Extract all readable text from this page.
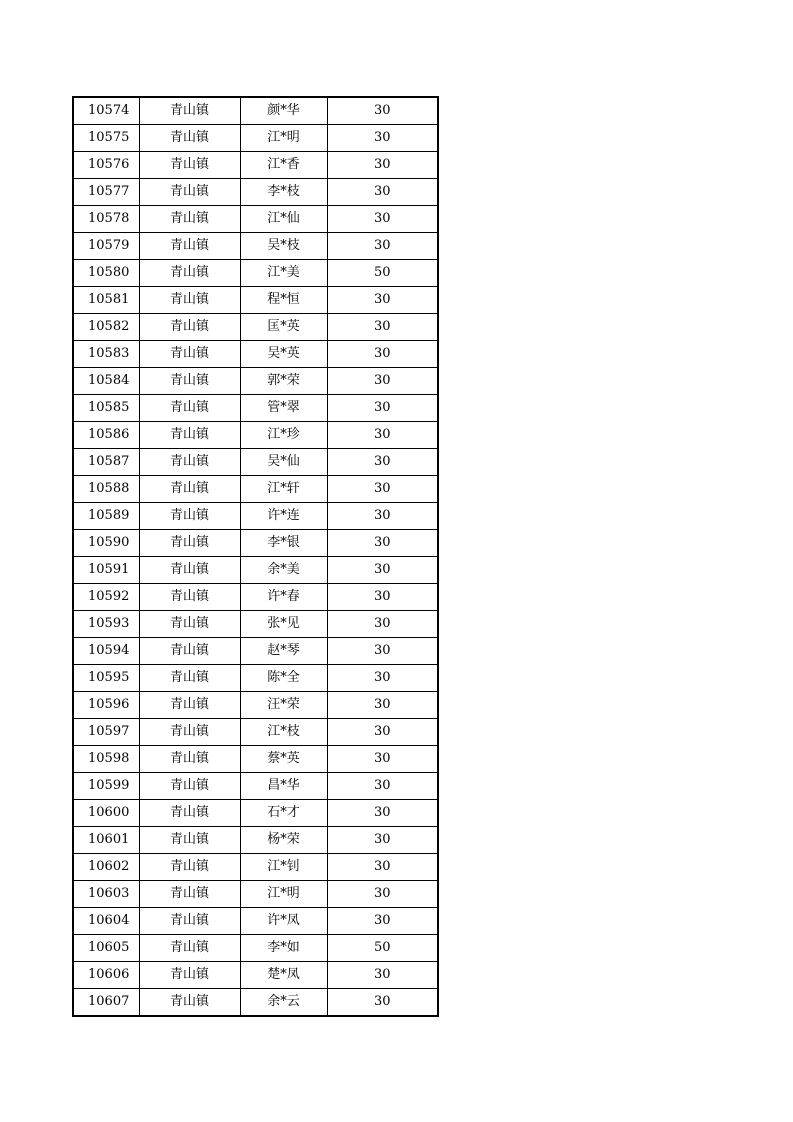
10574	青山镇	颜*华	30
10575	青山镇	江*明	30
10576	青山镇	江*香	30
10577	青山镇	李*枝	30
10578	青山镇	江*仙	30
10579	青山镇	吴*枝	30
10580	青山镇	江*美	50
10581	青山镇	程*恒	30
10582	青山镇	匡*英	30
10583	青山镇	吴*英	30
10584	青山镇	郭*荣	30
10585	青山镇	管*翠	30
10586	青山镇	江*珍	30
10587	青山镇	吴*仙	30
10588	青山镇	江*轩	30
10589	青山镇	许*连	30
10590	青山镇	李*银	30
10591	青山镇	余*美	30
10592	青山镇	许*春	30
10593	青山镇	张*见	30
10594	青山镇	赵*琴	30
10595	青山镇	陈*全	30
10596	青山镇	汪*荣	30
10597	青山镇	江*枝	30
10598	青山镇	蔡*英	30
10599	青山镇	昌*华	30
10600	青山镇	石*才	30
10601	青山镇	杨*荣	30
10602	青山镇	江*钊	30
10603	青山镇	江*明	30
10604	青山镇	许*凤	30
10605	青山镇	李*如	50
10606	青山镇	楚*凤	30
10607	青山镇	余*云	30
